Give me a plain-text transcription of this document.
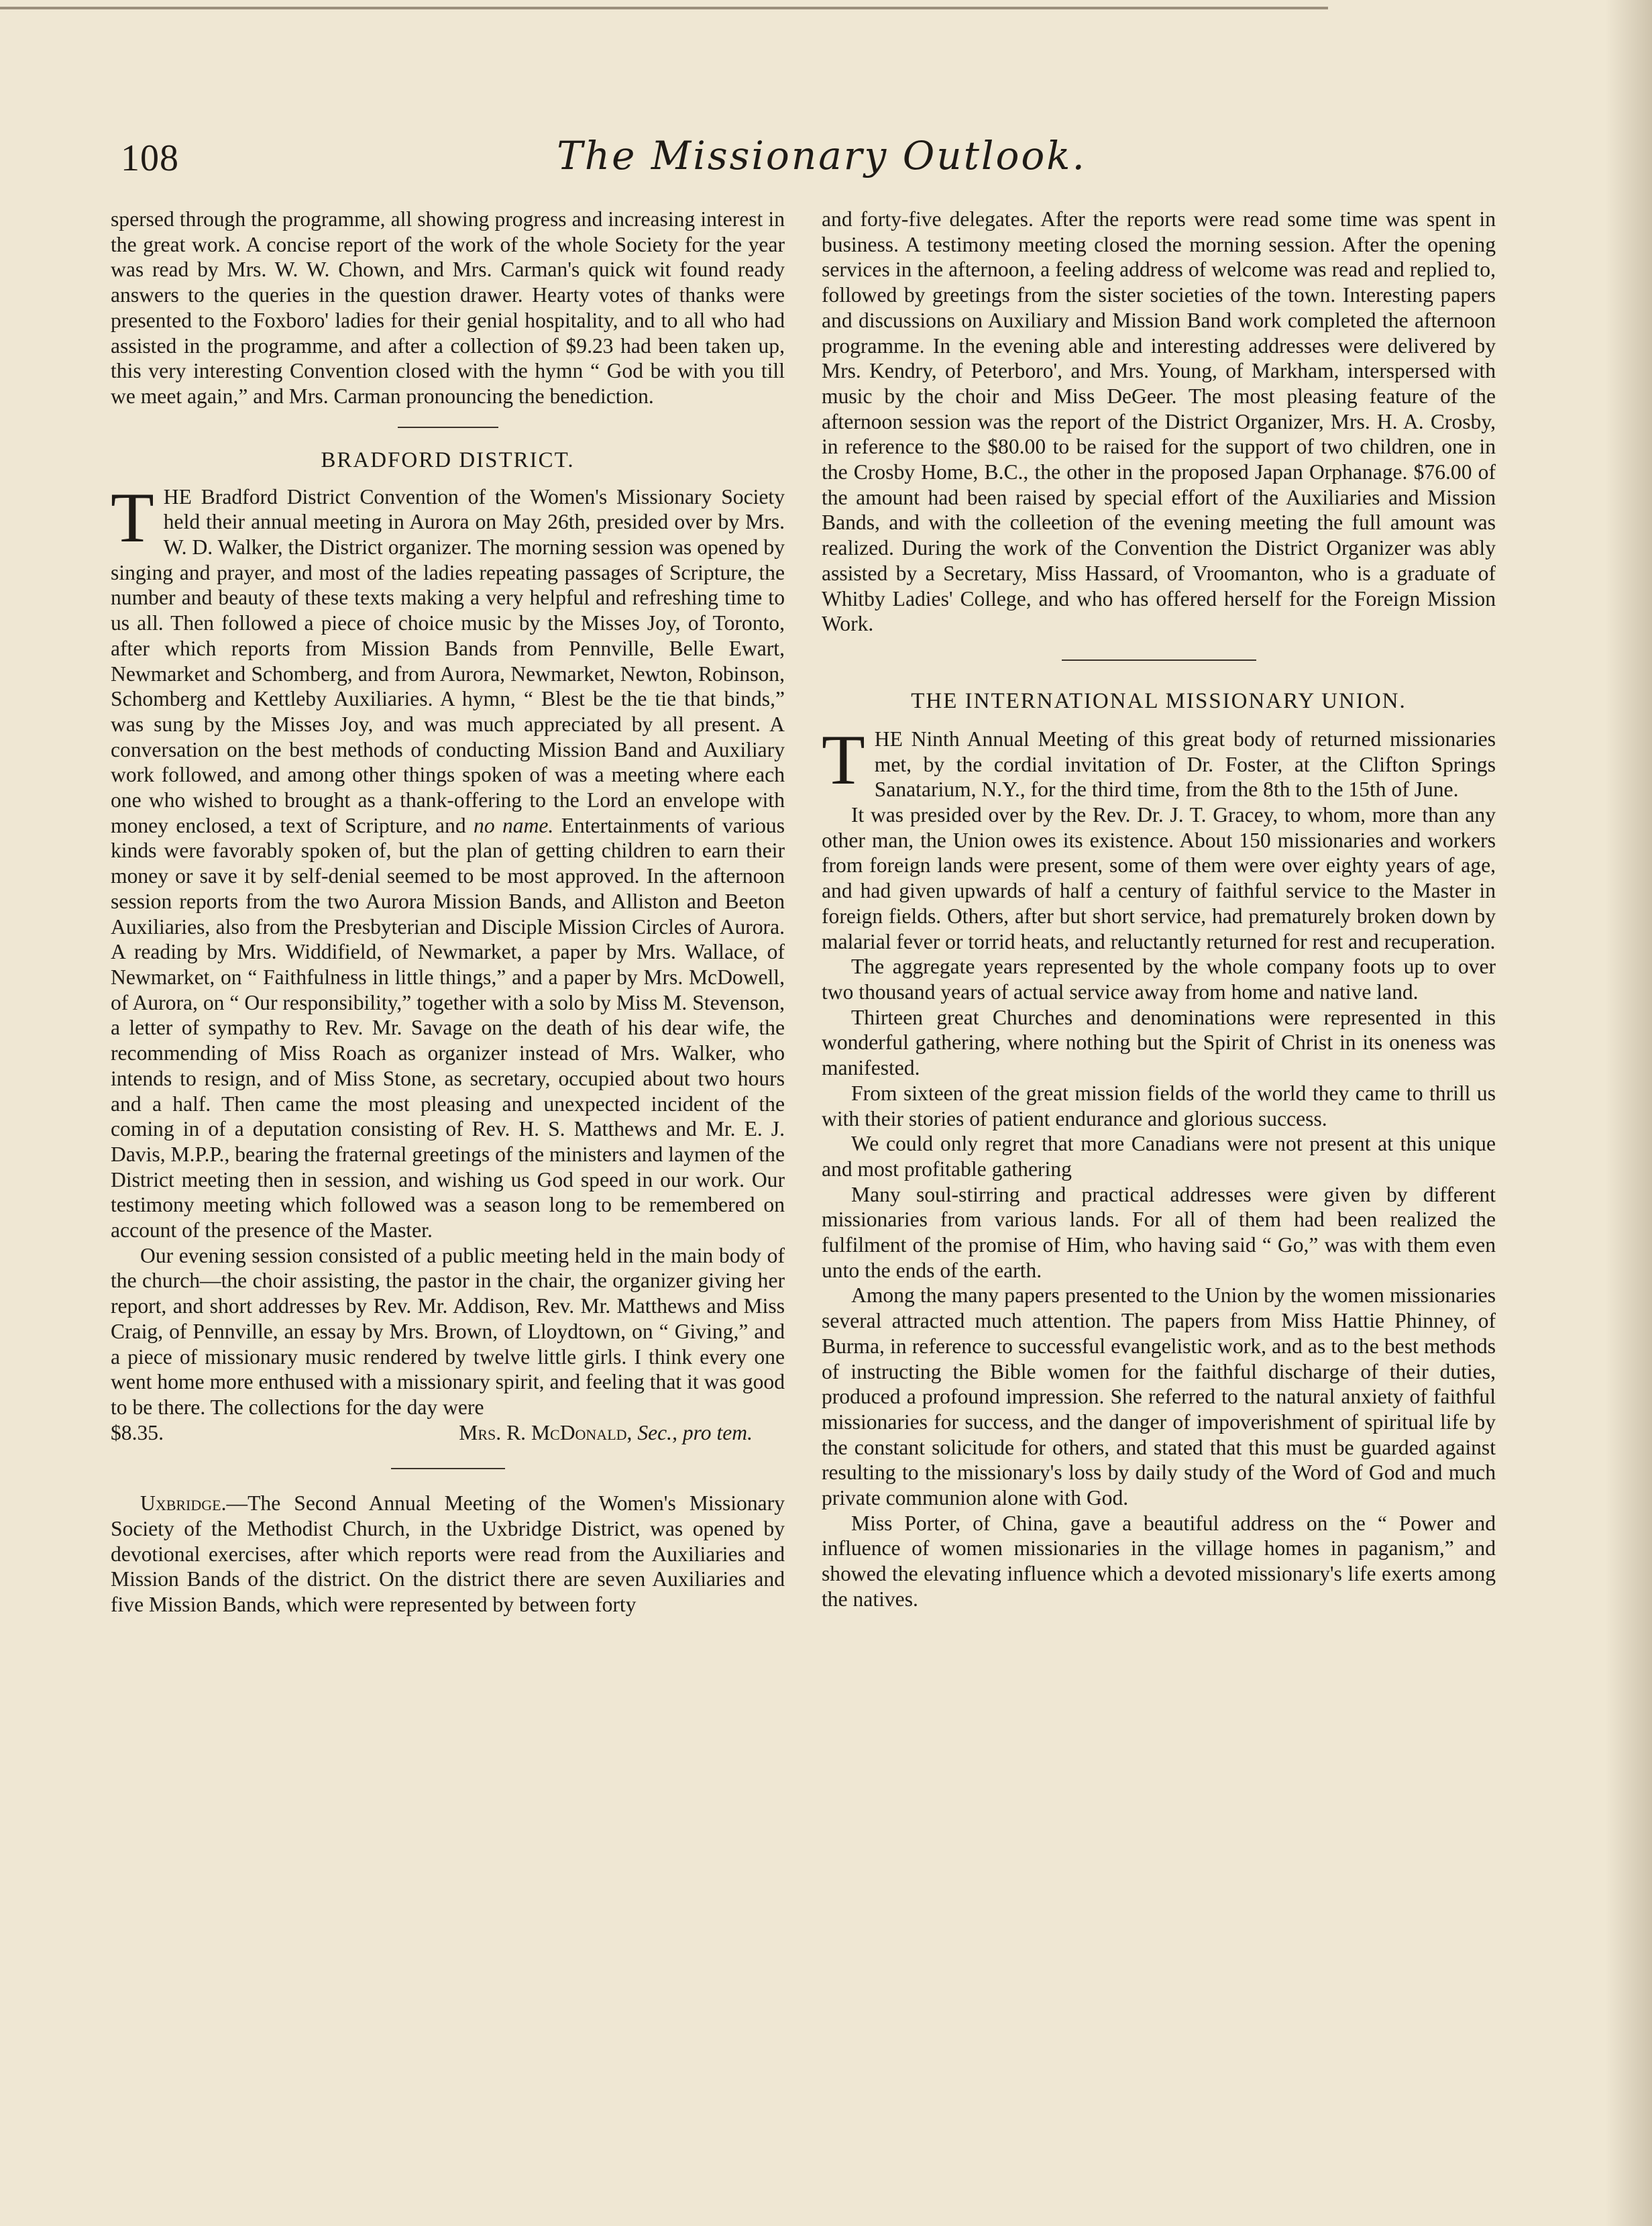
108	The Missionary Outlook.

spersed through the programme, all showing progress and increasing interest in the great work. A concise report of the work of the whole Society for the year was read by Mrs. W. W. Chown, and Mrs. Carman's quick wit found ready answers to the queries in the question drawer. Hearty votes of thanks were presented to the Foxboro' ladies for their genial hospitality, and to all who had assisted in the programme, and after a collection of $9.23 had been taken up, this very interesting Convention closed with the hymn “ God be with you till we meet again,” and Mrs. Carman pronouncing the benediction.

BRADFORD DISTRICT.

THE Bradford District Convention of the Women's Missionary Society held their annual meeting in Aurora on May 26th, presided over by Mrs. W. D. Walker, the District organizer. The morning session was opened by singing and prayer, and most of the ladies repeating passages of Scripture, the number and beauty of these texts making a very helpful and refreshing time to us all. Then followed a piece of choice music by the Misses Joy, of Toronto, after which reports from Mission Bands from Pennville, Belle Ewart, Newmarket and Schomberg, and from Aurora, Newmarket, Newton, Robinson, Schomberg and Kettleby Auxiliaries. A hymn, “ Blest be the tie that binds,” was sung by the Misses Joy, and was much appreciated by all present. A conversation on the best methods of conducting Mission Band and Auxiliary work followed, and among other things spoken of was a meeting where each one who wished to brought as a thank-offering to the Lord an envelope with money enclosed, a text of Scripture, and no name. Entertainments of various kinds were favorably spoken of, but the plan of getting children to earn their money or save it by self-denial seemed to be most approved. In the afternoon session reports from the two Aurora Mission Bands, and Alliston and Beeton Auxiliaries, also from the Presbyterian and Disciple Mission Circles of Aurora. A reading by Mrs. Widdifield, of Newmarket, a paper by Mrs. Wallace, of Newmarket, on “ Faithfulness in little things,” and a paper by Mrs. McDowell, of Aurora, on “ Our responsibility,” together with a solo by Miss M. Stevenson, a letter of sympathy to Rev. Mr. Savage on the death of his dear wife, the recommending of Miss Roach as organizer instead of Mrs. Walker, who intends to resign, and of Miss Stone, as secretary, occupied about two hours and a half. Then came the most pleasing and unexpected incident of the coming in of a deputation consisting of Rev. H. S. Matthews and Mr. E. J. Davis, M.P.P., bearing the fraternal greetings of the ministers and laymen of the District meeting then in session, and wishing us God speed in our work. Our testimony meeting which followed was a season long to be remembered on account of the presence of the Master.

Our evening session consisted of a public meeting held in the main body of the church—the choir assisting, the pastor in the chair, the organizer giving her report, and short addresses by Rev. Mr. Addison, Rev. Mr. Matthews and Miss Craig, of Pennville, an essay by Mrs. Brown, of Lloydtown, on “ Giving,” and a piece of missionary music rendered by twelve little girls. I think every one went home more enthused with a missionary spirit, and feeling that it was good to be there. The collections for the day were

$8.35.	Mrs. R. McDonald, Sec., pro tem.

Uxbridge.—The Second Annual Meeting of the Women's Missionary Society of the Methodist Church, in the Uxbridge District, was opened by devotional exercises, after which reports were read from the Auxiliaries and Mission Bands of the district. On the district there are seven Auxiliaries and five Mission Bands, which were represented by between forty

and forty-five delegates. After the reports were read some time was spent in business. A testimony meeting closed the morning session. After the opening services in the afternoon, a feeling address of welcome was read and replied to, followed by greetings from the sister societies of the town. Interesting papers and discussions on Auxiliary and Mission Band work completed the afternoon programme. In the evening able and interesting addresses were delivered by Mrs. Kendry, of Peterboro', and Mrs. Young, of Markham, interspersed with music by the choir and Miss DeGeer. The most pleasing feature of the afternoon session was the report of the District Organizer, Mrs. H. A. Crosby, in reference to the $80.00 to be raised for the support of two children, one in the Crosby Home, B.C., the other in the proposed Japan Orphanage. $76.00 of the amount had been raised by special effort of the Auxiliaries and Mission Bands, and with the colleetion of the evening meeting the full amount was realized. During the work of the Convention the District Organizer was ably assisted by a Secretary, Miss Hassard, of Vroomanton, who is a graduate of Whitby Ladies' College, and who has offered herself for the Foreign Mission Work.

THE INTERNATIONAL MISSIONARY UNION.

THE Ninth Annual Meeting of this great body of returned missionaries met, by the cordial invitation of Dr. Foster, at the Clifton Springs Sanatarium, N.Y., for the third time, from the 8th to the 15th of June.

It was presided over by the Rev. Dr. J. T. Gracey, to whom, more than any other man, the Union owes its existence. About 150 missionaries and workers from foreign lands were present, some of them were over eighty years of age, and had given upwards of half a century of faithful service to the Master in foreign fields. Others, after but short service, had prematurely broken down by malarial fever or torrid heats, and reluctantly returned for rest and recuperation.

The aggregate years represented by the whole company foots up to over two thousand years of actual service away from home and native land.

Thirteen great Churches and denominations were represented in this wonderful gathering, where nothing but the Spirit of Christ in its oneness was manifested.

From sixteen of the great mission fields of the world they came to thrill us with their stories of patient endurance and glorious success.

We could only regret that more Canadians were not present at this unique and most profitable gathering

Many soul-stirring and practical addresses were given by different missionaries from various lands. For all of them had been realized the fulfilment of the promise of Him, who having said “ Go,” was with them even unto the ends of the earth.

Among the many papers presented to the Union by the women missionaries several attracted much attention. The papers from Miss Hattie Phinney, of Burma, in reference to successful evangelistic work, and as to the best methods of instructing the Bible women for the faithful discharge of their duties, produced a profound impression. She referred to the natural anxiety of faithful missionaries for success, and the danger of impoverishment of spiritual life by the constant solicitude for others, and stated that this must be guarded against resulting to the missionary's loss by daily study of the Word of God and much private communion alone with God.

Miss Porter, of China, gave a beautiful address on the “ Power and influence of women missionaries in the village homes in paganism,” and showed the elevating influence which a devoted missionary's life exerts among the natives.
